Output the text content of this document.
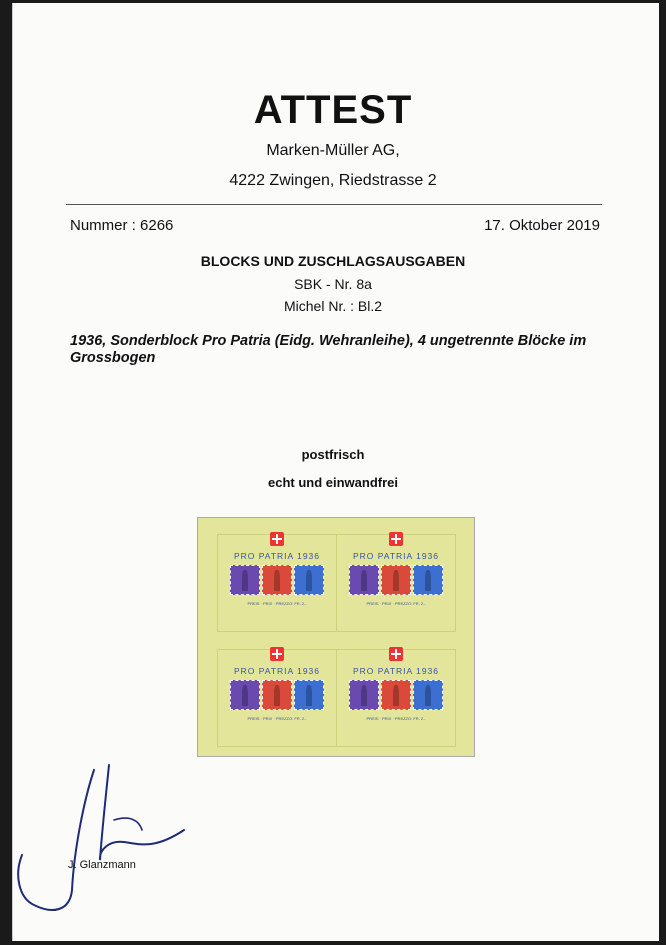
ATTEST
Marken-Müller AG,
4222 Zwingen, Riedstrasse 2
Nummer : 6266	17. Oktober 2019
BLOCKS UND ZUSCHLAGSAUSGABEN
SBK - Nr. 8a
Michel Nr. : Bl.2
1936, Sonderblock Pro Patria (Eidg. Wehranleihe), 4 ungetrennte Blöcke im Grossbogen
postfrisch
echt und einwandfrei
PRO PATRIA 1936
PREIS · PRIX · PREZZO: FR. 2.-
PRO PATRIA 1936
PREIS · PRIX · PREZZO: FR. 2.-
PRO PATRIA 1936
PREIS · PRIX · PREZZO: FR. 2.-
PRO PATRIA 1936
PREIS · PRIX · PREZZO: FR. 2.-
J. Glanzmann
